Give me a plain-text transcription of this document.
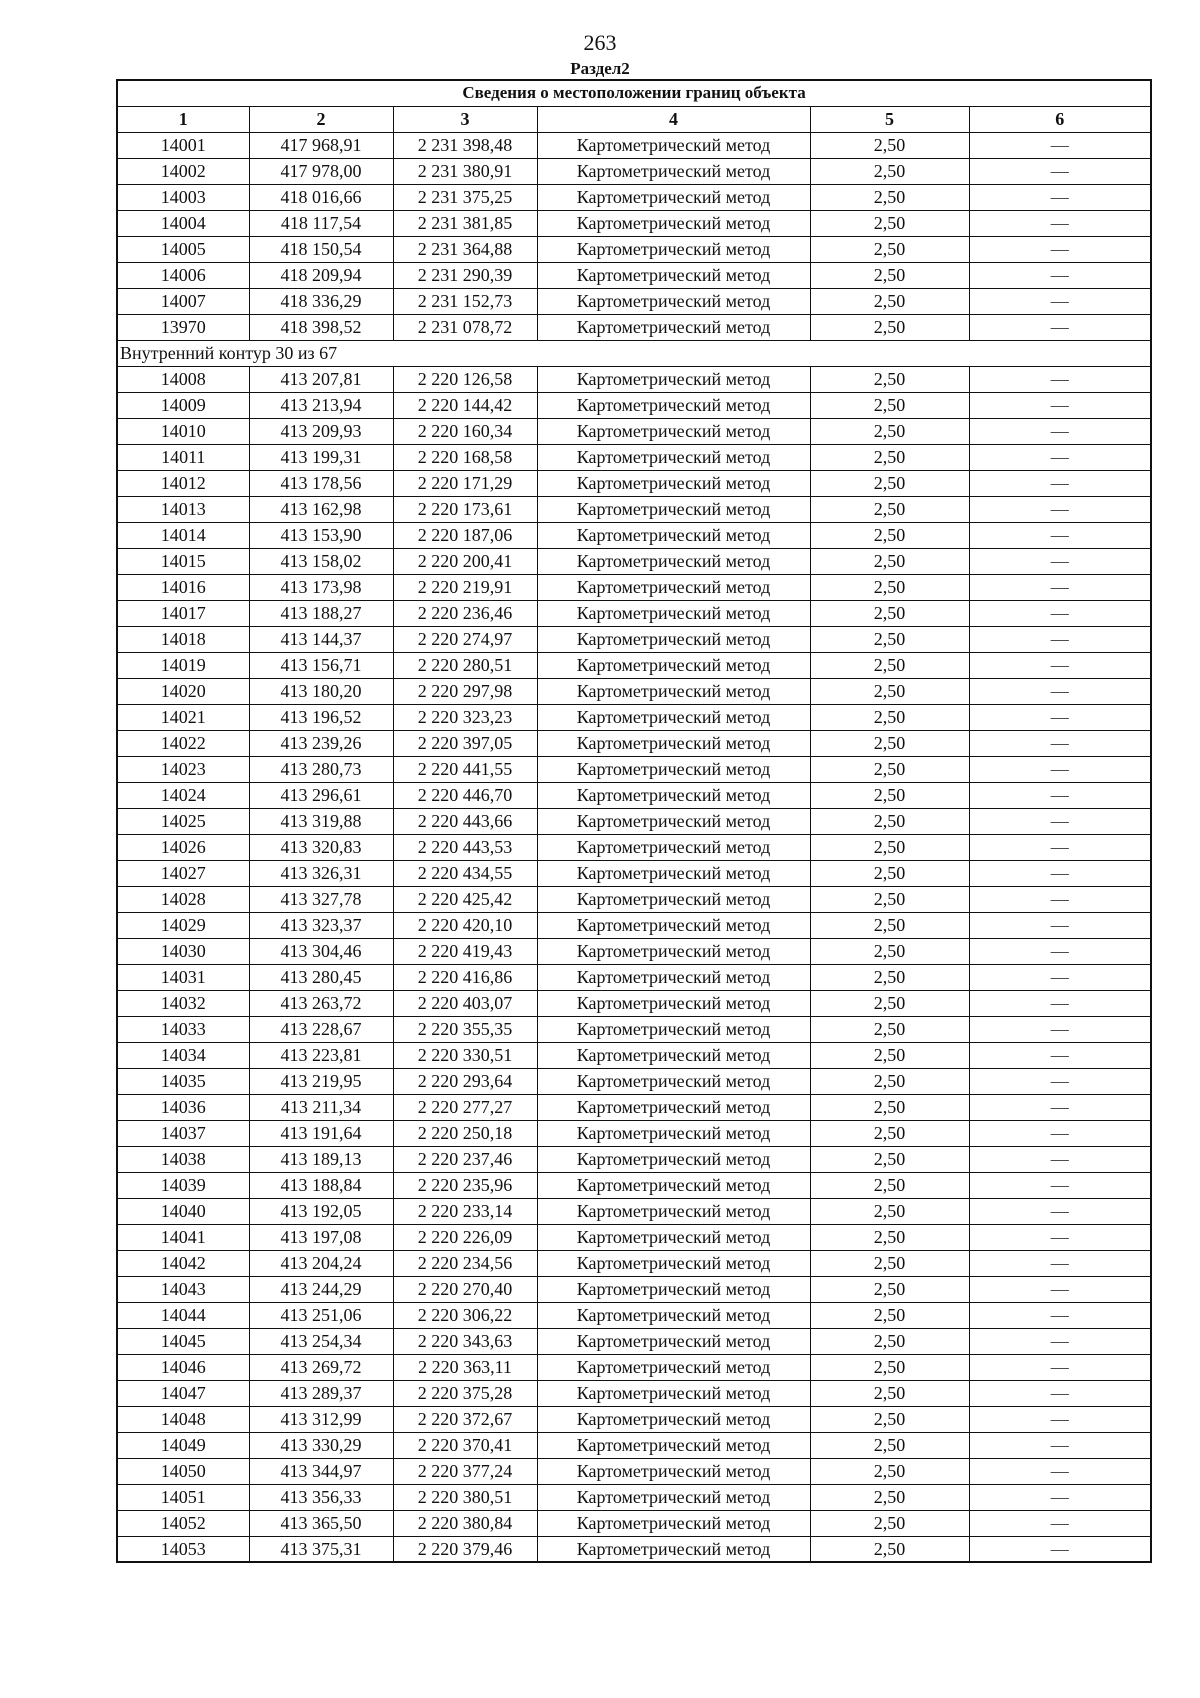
263
Раздел2
Сведения о местоположении границ объекта					
1	2	3	4	5	6
14001	417 968,91	2 231 398,48	Картометрический метод	2,50	—
14002	417 978,00	2 231 380,91	Картометрический метод	2,50	—
14003	418 016,66	2 231 375,25	Картометрический метод	2,50	—
14004	418 117,54	2 231 381,85	Картометрический метод	2,50	—
14005	418 150,54	2 231 364,88	Картометрический метод	2,50	—
14006	418 209,94	2 231 290,39	Картометрический метод	2,50	—
14007	418 336,29	2 231 152,73	Картометрический метод	2,50	—
13970	418 398,52	2 231 078,72	Картометрический метод	2,50	—
Внутренний контур 30 из 67					
14008	413 207,81	2 220 126,58	Картометрический метод	2,50	—
14009	413 213,94	2 220 144,42	Картометрический метод	2,50	—
14010	413 209,93	2 220 160,34	Картометрический метод	2,50	—
14011	413 199,31	2 220 168,58	Картометрический метод	2,50	—
14012	413 178,56	2 220 171,29	Картометрический метод	2,50	—
14013	413 162,98	2 220 173,61	Картометрический метод	2,50	—
14014	413 153,90	2 220 187,06	Картометрический метод	2,50	—
14015	413 158,02	2 220 200,41	Картометрический метод	2,50	—
14016	413 173,98	2 220 219,91	Картометрический метод	2,50	—
14017	413 188,27	2 220 236,46	Картометрический метод	2,50	—
14018	413 144,37	2 220 274,97	Картометрический метод	2,50	—
14019	413 156,71	2 220 280,51	Картометрический метод	2,50	—
14020	413 180,20	2 220 297,98	Картометрический метод	2,50	—
14021	413 196,52	2 220 323,23	Картометрический метод	2,50	—
14022	413 239,26	2 220 397,05	Картометрический метод	2,50	—
14023	413 280,73	2 220 441,55	Картометрический метод	2,50	—
14024	413 296,61	2 220 446,70	Картометрический метод	2,50	—
14025	413 319,88	2 220 443,66	Картометрический метод	2,50	—
14026	413 320,83	2 220 443,53	Картометрический метод	2,50	—
14027	413 326,31	2 220 434,55	Картометрический метод	2,50	—
14028	413 327,78	2 220 425,42	Картометрический метод	2,50	—
14029	413 323,37	2 220 420,10	Картометрический метод	2,50	—
14030	413 304,46	2 220 419,43	Картометрический метод	2,50	—
14031	413 280,45	2 220 416,86	Картометрический метод	2,50	—
14032	413 263,72	2 220 403,07	Картометрический метод	2,50	—
14033	413 228,67	2 220 355,35	Картометрический метод	2,50	—
14034	413 223,81	2 220 330,51	Картометрический метод	2,50	—
14035	413 219,95	2 220 293,64	Картометрический метод	2,50	—
14036	413 211,34	2 220 277,27	Картометрический метод	2,50	—
14037	413 191,64	2 220 250,18	Картометрический метод	2,50	—
14038	413 189,13	2 220 237,46	Картометрический метод	2,50	—
14039	413 188,84	2 220 235,96	Картометрический метод	2,50	—
14040	413 192,05	2 220 233,14	Картометрический метод	2,50	—
14041	413 197,08	2 220 226,09	Картометрический метод	2,50	—
14042	413 204,24	2 220 234,56	Картометрический метод	2,50	—
14043	413 244,29	2 220 270,40	Картометрический метод	2,50	—
14044	413 251,06	2 220 306,22	Картометрический метод	2,50	—
14045	413 254,34	2 220 343,63	Картометрический метод	2,50	—
14046	413 269,72	2 220 363,11	Картометрический метод	2,50	—
14047	413 289,37	2 220 375,28	Картометрический метод	2,50	—
14048	413 312,99	2 220 372,67	Картометрический метод	2,50	—
14049	413 330,29	2 220 370,41	Картометрический метод	2,50	—
14050	413 344,97	2 220 377,24	Картометрический метод	2,50	—
14051	413 356,33	2 220 380,51	Картометрический метод	2,50	—
14052	413 365,50	2 220 380,84	Картометрический метод	2,50	—
14053	413 375,31	2 220 379,46	Картометрический метод	2,50	—
